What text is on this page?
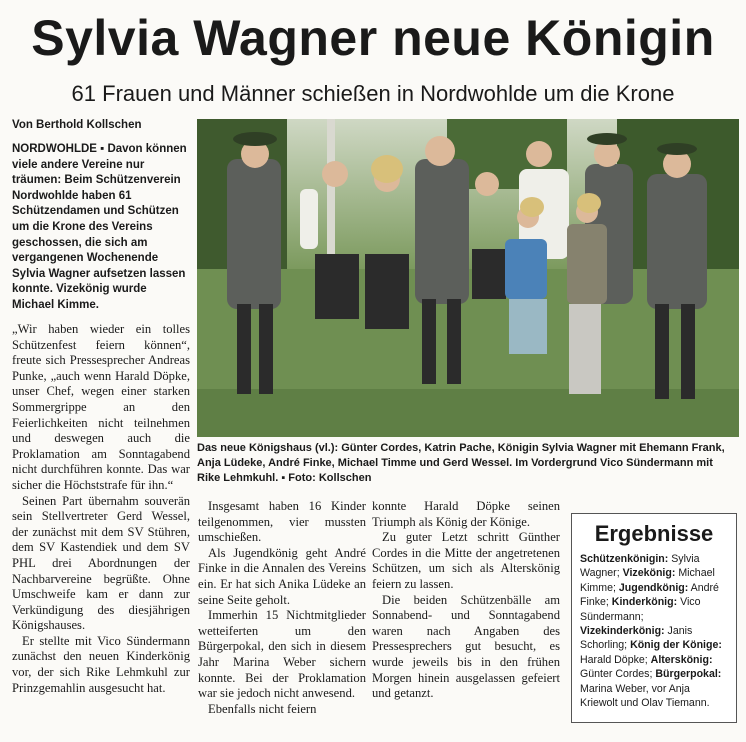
Sylvia Wagner neue Königin
61 Frauen und Männer schießen in Nordwohlde um die Krone
Von Berthold Kollschen
NORDWOHLDE ▪ Davon können viele andere Vereine nur träumen: Beim Schützenverein Nordwohlde haben 61 Schützendamen und Schützen um die Krone des Vereins geschossen, die sich am vergangenen Wochenende Sylvia Wagner aufsetzen lassen konnte. Vizekönig wurde Michael Kimme.

„Wir haben wieder ein tolles Schützenfest feiern können“, freute sich Pressesprecher Andreas Punke, „auch wenn Harald Döpke, unser Chef, wegen einer starken Sommergrippe an den Feierlichkeiten nicht teilnehmen und deswegen auch die Proklamation am Sonntagabend nicht durchführen konnte. Das war sicher die Höchststrafe für ihn.“

Seinen Part übernahm souverän sein Stellvertreter Gerd Wessel, der zunächst mit dem SV Stühren, dem SV Kastendiek und dem SV PHL drei Abordnungen der Nachbarvereine begrüßte. Ohne Umschweife kam er dann zur Verkündigung des diesjährigen Königshauses.

Er stellte mit Vico Sündermann zunächst den neuen Kinderkönig vor, der sich Rike Lehmkuhl zur Prinzgemahlin ausgesucht hat.

Insgesamt haben 16 Kinder teilgenommen, vier mussten umschießen.

Als Jugendkönig geht André Finke in die Annalen des Vereins ein. Er hat sich Anika Lüdeke an seine Seite geholt.

Immerhin 15 Nichtmitglieder wetteiferten um den Bürgerpokal, den sich in diesem Jahr Marina Weber sichern konnte. Bei der Proklamation war sie jedoch nicht anwesend.

Ebenfalls nicht feiern

konnte Harald Döpke seinen Triumph als König der Könige.

Zu guter Letzt schritt Günther Cordes in die Mitte der angetretenen Schützen, um sich als Alterskönig feiern zu lassen.

Die beiden Schützenbälle am Sonnabend- und Sonntagabend waren nach Angaben des Pressesprechers gut besucht, es wurde jeweils bis in den frühen Morgen hinein ausgelassen gefeiert und getanzt.

Das neue Königshaus (vl.): Günter Cordes, Katrin Pache, Königin Sylvia Wagner mit Ehemann Frank, Anja Lüdeke, André Finke, Michael Timme und Gerd Wessel. Im Vordergrund Vico Sündermann mit Rike Lehmkuhl. ▪ Foto: Kollschen
Ergebnisse
Schützenkönigin: Sylvia Wagner; Vizekönig: Michael Kimme; Jugendkönig: André Finke; Kinderkönig: Vico Sündermann; Vizekinderkönig: Janis Schorling; König der Könige: Harald Döpke; Alterskönig: Günter Cordes; Bürgerpokal: Marina Weber, vor Anja Kriewolt und Olav Tiemann.
